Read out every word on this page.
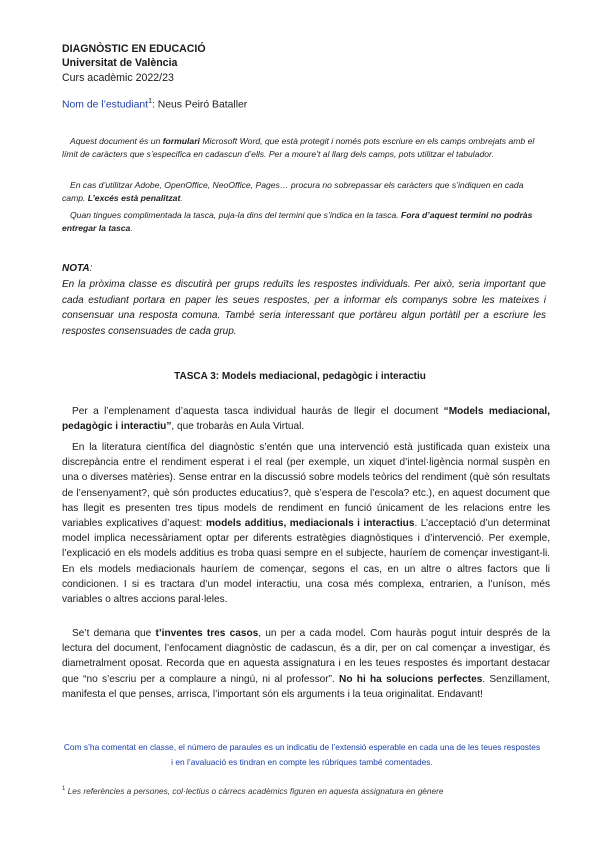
DIAGNÒSTIC EN EDUCACIÓ
Universitat de València
Curs acadèmic 2022/23
Nom de l’estudiant$^1$: Neus Peiró Bataller
Aquest document és un formulari Microsoft Word, que està protegit i només pots escriure en els camps ombrejats amb el límit de caràcters que s’especifica en cadascun d’ells. Per a moure’t al llarg dels camps, pots utilitzar el tabulador.
En cas d’utilitzar Adobe, OpenOffice, NeoOffice, Pages… procura no sobrepassar els caràcters que s’indiquen en cada camp. L’excés està penalitzat.
Quan tingues complimentada la tasca, puja-la dins del termini que s’indica en la tasca. Fora d’aquest termini no podràs entregar la tasca.
NOTA:
En la pròxima classe es discutirà per grups reduïts les respostes individuals. Per això, seria important que cada estudiant portara en paper les seues respostes, per a informar els companys sobre les mateixes i consensuar una resposta comuna. També seria interessant que portàreu algun portàtil per a escriure les respostes consensuades de cada grup.
TASCA 3: Models mediacional, pedagògic i interactiu
Per a l’emplenament d’aquesta tasca individual hauràs de llegir el document “Models mediacional, pedagògic i interactiu”, que trobaràs en Aula Virtual.
En la literatura científica del diagnòstic s’entén que una intervenció està justificada quan existeix una discrepància entre el rendiment esperat i el real (per exemple, un xiquet d’intel·ligència normal suspèn en una o diverses matèries). Sense entrar en la discussió sobre models teòrics del rendiment (què són resultats de l’ensenyament?, què són productes educatius?, què s’espera de l’escola? etc.), en aquest document que has llegit es presenten tres tipus models de rendiment en funció únicament de les relacions entre les variables explicatives d’aquest: models additius, mediacionals i interactius. L’acceptació d’un determinat model implica necessàriament optar per diferents estratègies diagnòstiques i d’intervenció. Per exemple, l’explicació en els models additius es troba quasi sempre en el subjecte, hauríem de començar investigant-li. En els models mediacionals hauríem de començar, segons el cas, en un altre o altres factors que li condicionen. I si es tractara d’un model interactiu, una cosa més complexa, entrarien, a l’uníson, més variables o altres accions paral·leles.
Se’t demana que t’inventes tres casos, un per a cada model. Com hauràs pogut intuir després de la lectura del document, l’enfocament diagnòstic de cadascun, és a dir, per on cal començar a investigar, és diametralment oposat. Recorda que en aquesta assignatura i en les teues respostes és important destacar que “no s’escriu per a complaure a ningú, ni al professor”. No hi ha solucions perfectes. Senzillament, manifesta el que penses, arrisca, l’important són els arguments i la teua originalitat. Endavant!
Com s’ha comentat en classe, el número de paraules es un indicatiu de l’extensió esperable en cada una de les teues respostes i en l’avaluació es tindran en compte les rúbriques també comentades.
$^1$ Les referències a persones, col·lectius o càrrecs acadèmics figuren en aquesta assignatura en gènere
